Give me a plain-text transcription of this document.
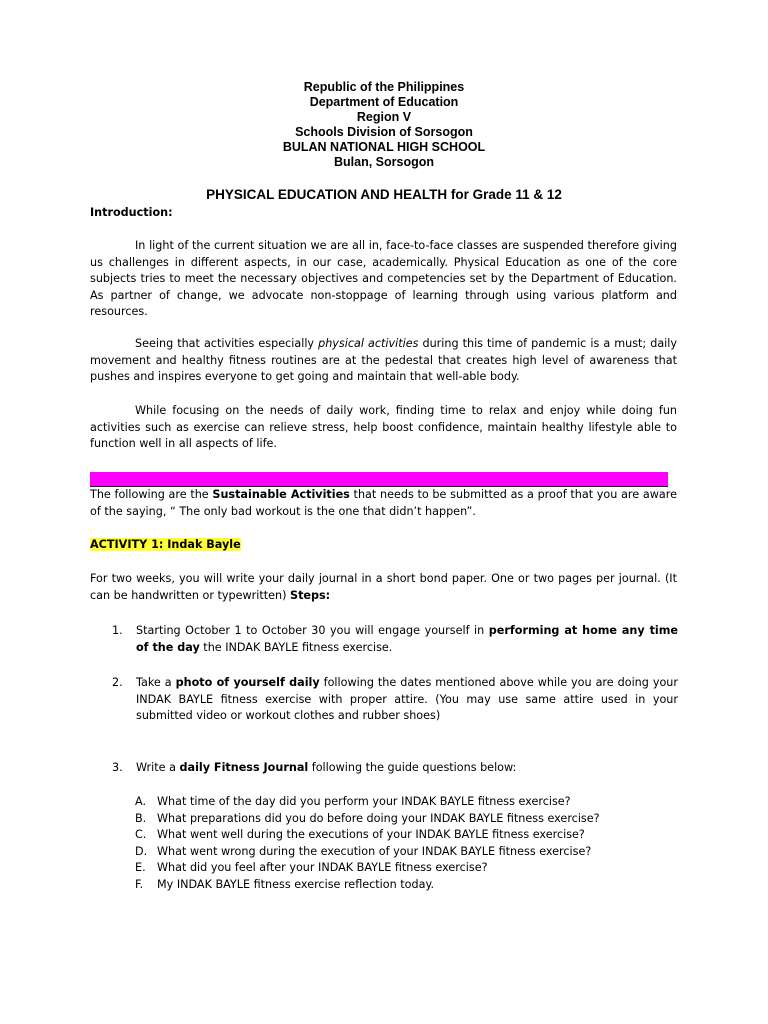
Republic of the Philippines
Department of Education
Region V
Schools Division of Sorsogon
BULAN NATIONAL HIGH SCHOOL
Bulan, Sorsogon
PHYSICAL EDUCATION AND HEALTH for Grade 11 & 12
Introduction:
In light of the current situation we are all in, face-to-face classes are suspended therefore giving us challenges in different aspects, in our case, academically. Physical Education as one of the core subjects tries to meet the necessary objectives and competencies set by the Department of Education. As partner of change, we advocate non-stoppage of learning through using various platform and resources.
Seeing that activities especially physical activities during this time of pandemic is a must; daily movement and healthy fitness routines are at the pedestal that creates high level of awareness that pushes and inspires everyone to get going and maintain that well-able body.
While focusing on the needs of daily work, finding time to relax and enjoy while doing fun activities such as exercise can relieve stress, help boost confidence, maintain healthy lifestyle able to function well in all aspects of life.
The following are the Sustainable Activities that needs to be submitted as a proof that you are aware of the saying, “ The only bad workout is the one that didn’t happen”.
ACTIVITY 1: Indak Bayle
For two weeks, you will write your daily journal in a short bond paper. One or two pages per journal. (It can be handwritten or typewritten) Steps:
1.	Starting October 1 to October 30 you will engage yourself in performing at home any time of the day the INDAK BAYLE fitness exercise.
2.	Take a photo of yourself daily following the dates mentioned above while you are doing your INDAK BAYLE fitness exercise with proper attire. (You may use same attire used in your submitted video or workout clothes and rubber shoes)
3.	Write a daily Fitness Journal following the guide questions below:
A. What time of the day did you perform your INDAK BAYLE fitness exercise?
B. What preparations did you do before doing your INDAK BAYLE fitness exercise?
C. What went well during the executions of your INDAK BAYLE fitness exercise?
D. What went wrong during the execution of your INDAK BAYLE fitness exercise?
E.	What did you feel after your INDAK BAYLE fitness exercise?
F.	My INDAK BAYLE fitness exercise reflection today.
